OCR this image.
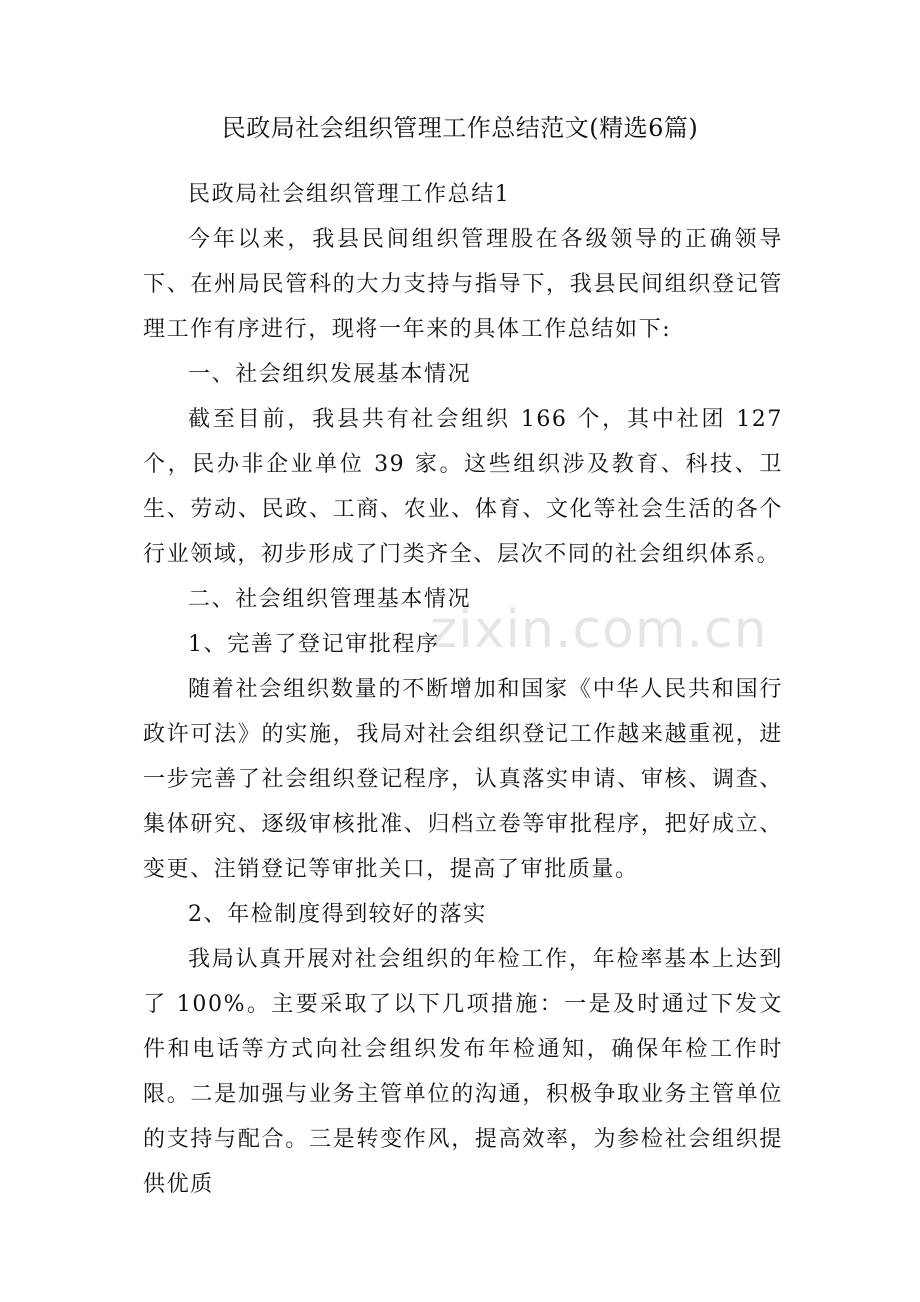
民政局社会组织管理工作总结范文(精选6篇)

民政局社会组织管理工作总结1

今年以来，我县民间组织管理股在各级领导的正确领导下、在州局民管科的大力支持与指导下，我县民间组织登记管理工作有序进行，现将一年来的具体工作总结如下:

一、社会组织发展基本情况

截至目前，我县共有社会组织 166 个，其中社团 127 个，民办非企业单位 39 家。这些组织涉及教育、科技、卫生、劳动、民政、工商、农业、体育、文化等社会生活的各个行业领域，初步形成了门类齐全、层次不同的社会组织体系。

二、社会组织管理基本情况

1、完善了登记审批程序

随着社会组织数量的不断增加和国家《中华人民共和国行政许可法》的实施，我局对社会组织登记工作越来越重视，进一步完善了社会组织登记程序，认真落实申请、审核、调查、集体研究、逐级审核批准、归档立卷等审批程序，把好成立、变更、注销登记等审批关口，提高了审批质量。

2、年检制度得到较好的落实

我局认真开展对社会组织的年检工作，年检率基本上达到了 100%。主要采取了以下几项措施：一是及时通过下发文件和电话等方式向社会组织发布年检通知，确保年检工作时限。二是加强与业务主管单位的沟通，积极争取业务主管单位的支持与配合。三是转变作风，提高效率，为参检社会组织提供优质

zixin.com.cn
